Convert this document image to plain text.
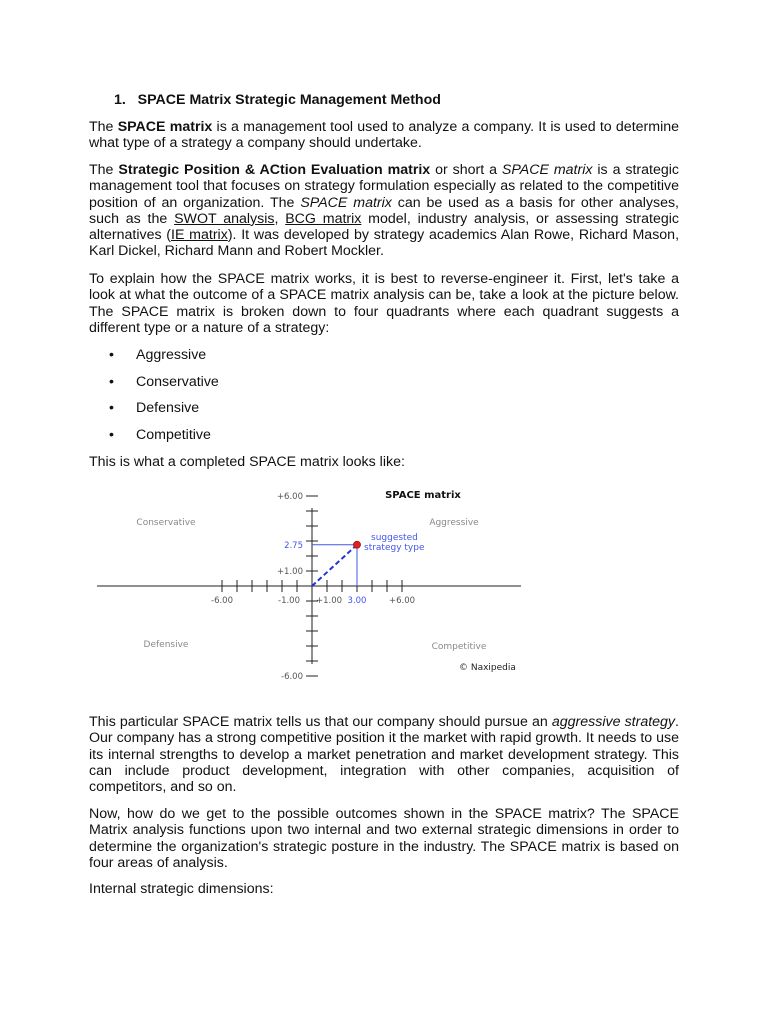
1. SPACE Matrix Strategic Management Method

The SPACE matrix is a management tool used to analyze a company. It is used to determine what type of a strategy a company should undertake.

The Strategic Position & ACtion Evaluation matrix or short a SPACE matrix is a strategic management tool that focuses on strategy formulation especially as related to the competitive position of an organization. The SPACE matrix can be used as a basis for other analyses, such as the SWOT analysis, BCG matrix model, industry analysis, or assessing strategic alternatives (IE matrix). It was developed by strategy academics Alan Rowe, Richard Mason, Karl Dickel, Richard Mann and Robert Mockler.

To explain how the SPACE matrix works, it is best to reverse-engineer it. First, let's take a look at what the outcome of a SPACE matrix analysis can be, take a look at the picture below. The SPACE matrix is broken down to four quadrants where each quadrant suggests a different type or a nature of a strategy:

• Aggressive
• Conservative
• Defensive
• Competitive

This is what a completed SPACE matrix looks like:

SPACE matrix
Conservative	Aggressive
Defensive	Competitive
-6.00	-1.00 +1.00 3.00	+6.00
+6.00
2.75
+1.00
-6.00
suggested
strategy type
© Naxipedia

This particular SPACE matrix tells us that our company should pursue an aggressive strategy. Our company has a strong competitive position it the market with rapid growth. It needs to use its internal strengths to develop a market penetration and market development strategy. This can include product development, integration with other companies, acquisition of competitors, and so on.

Now, how do we get to the possible outcomes shown in the SPACE matrix? The SPACE Matrix analysis functions upon two internal and two external strategic dimensions in order to determine the organization's strategic posture in the industry. The SPACE matrix is based on four areas of analysis.

Internal strategic dimensions:
